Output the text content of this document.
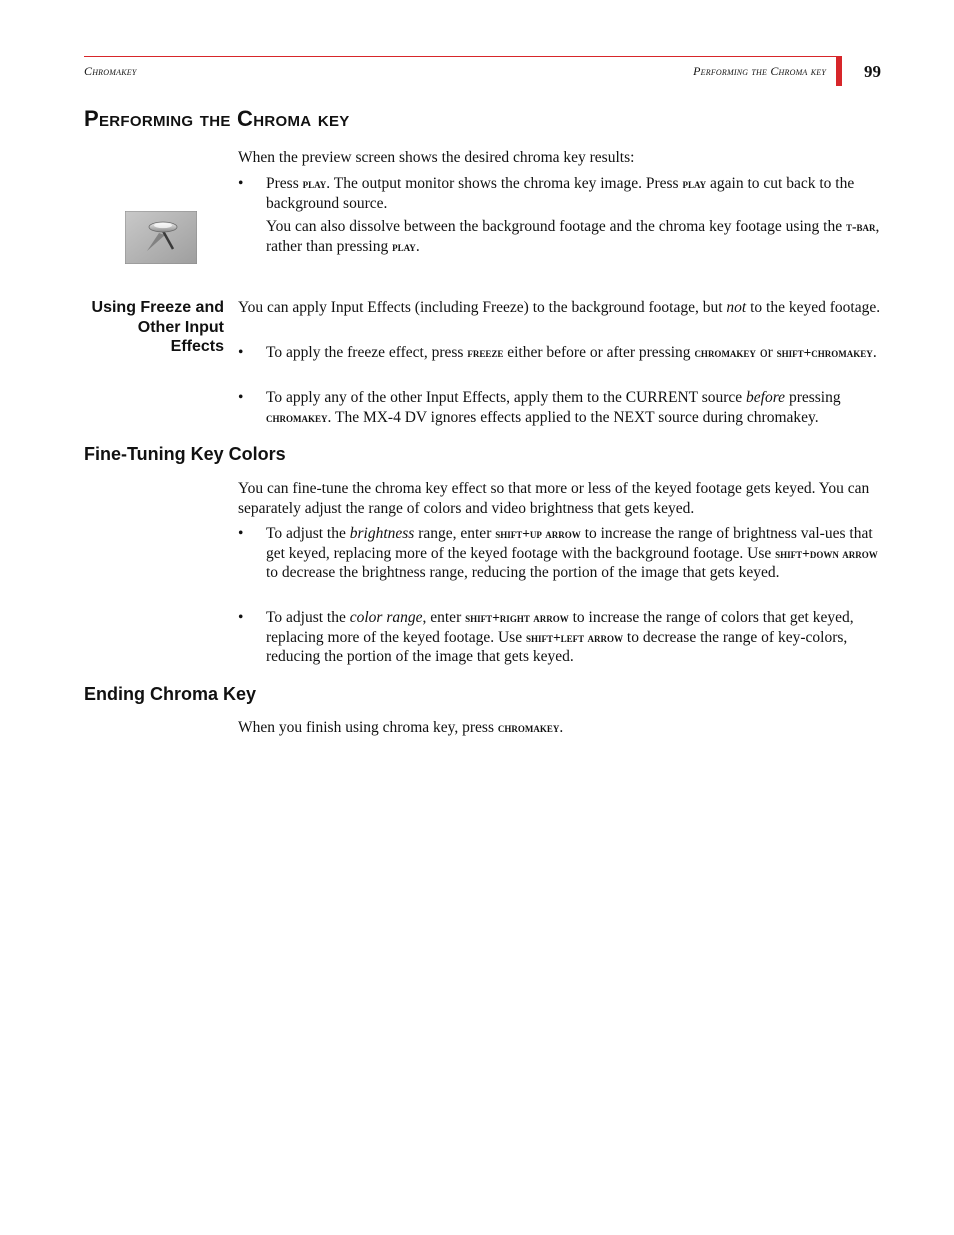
Chromakey	Performing the Chroma key 99
Performing the Chroma key
When the preview screen shows the desired chroma key results:
• Press play. The output monitor shows the chroma key image. Press play again to cut back to the background source.
You can also dissolve between the background footage and the chroma key footage using the t-bar, rather than pressing play.
Using Freeze and
Other Input
Effects
You can apply Input Effects (including Freeze) to the background footage, but not to the keyed footage.
• To apply the freeze effect, press freeze either before or after pressing chromakey or shift+chromakey.
• To apply any of the other Input Effects, apply them to the CURRENT source before pressing chromakey. The MX-4 DV ignores effects applied to the NEXT source during chromakey.
Fine-Tuning Key Colors
You can fine-tune the chroma key effect so that more or less of the keyed footage gets keyed. You can separately adjust the range of colors and video brightness that gets keyed.
• To adjust the brightness range, enter shift+up arrow to increase the range of brightness val-ues that get keyed, replacing more of the keyed footage with the background footage. Use shift+down arrow to decrease the brightness range, reducing the portion of the image that gets keyed.
• To adjust the color range, enter shift+right arrow to increase the range of colors that get keyed, replacing more of the keyed footage. Use shift+left arrow to decrease the range of key-colors, reducing the portion of the image that gets keyed.
Ending Chroma Key
When you finish using chroma key, press chromakey.
